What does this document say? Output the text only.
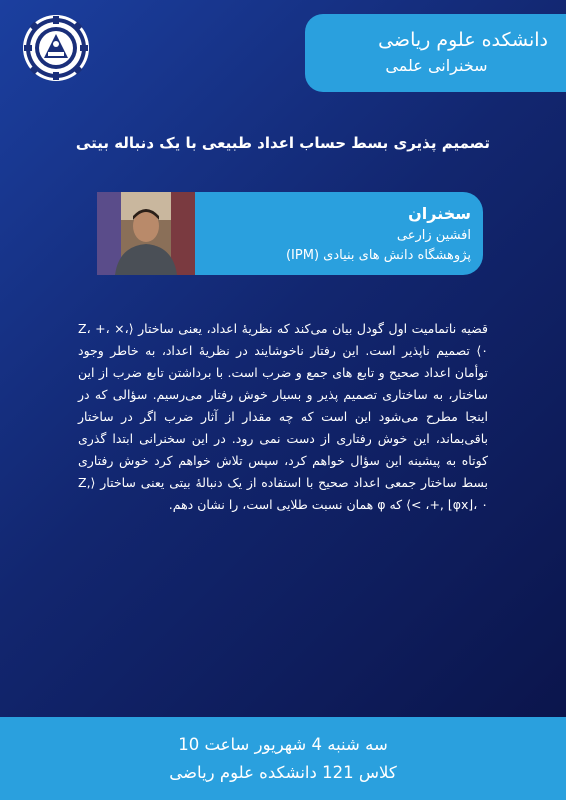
دانشکده علوم ریاضی
سخنرانی علمی
تصمیم پذیری بسط حساب اعداد طبیعی با یک دنباله بیتی
سخنران
افشین زارعی
پژوهشگاه دانش های بنیادی (IPM)
قضیه ناتمامیت اول گودل بیان می‌کند که نظریهٔ اعداد، یعنی ساختار ⟨Z، +، ×، ۰⟩ تصمیم ناپذیر است. این رفتار ناخوشایند در نظریهٔ اعداد، به خاطر وجود توأمان اعداد صحیح و تابع های جمع و ضرب است. با برداشتن تابع ضرب از این ساختار، به ساختاری تصمیم پذیر و بسیار خوش رفتار می‌رسیم. سؤالی که در اینجا مطرح می‌شود این است که چه مقدار از آثار ضرب اگر در ساختار باقی‌بماند، این خوش رفتاری از دست نمی رود. در این سخنرانی ابتدا گذری کوتاه به پیشینه این سؤال خواهم کرد، سپس تلاش خواهم کرد خوش رفتاری بسط ساختار جمعی اعداد صحیح با استفاده از یک دنبالهٔ بیتی یعنی ساختار ⟨Z, +, ⌊φx⌋، ۰، >⟩ که φ همان نسبت طلایی است، را نشان دهم.
سه شنبه 4 شهریور ساعت 10
کلاس 121 دانشکده علوم ریاضی
